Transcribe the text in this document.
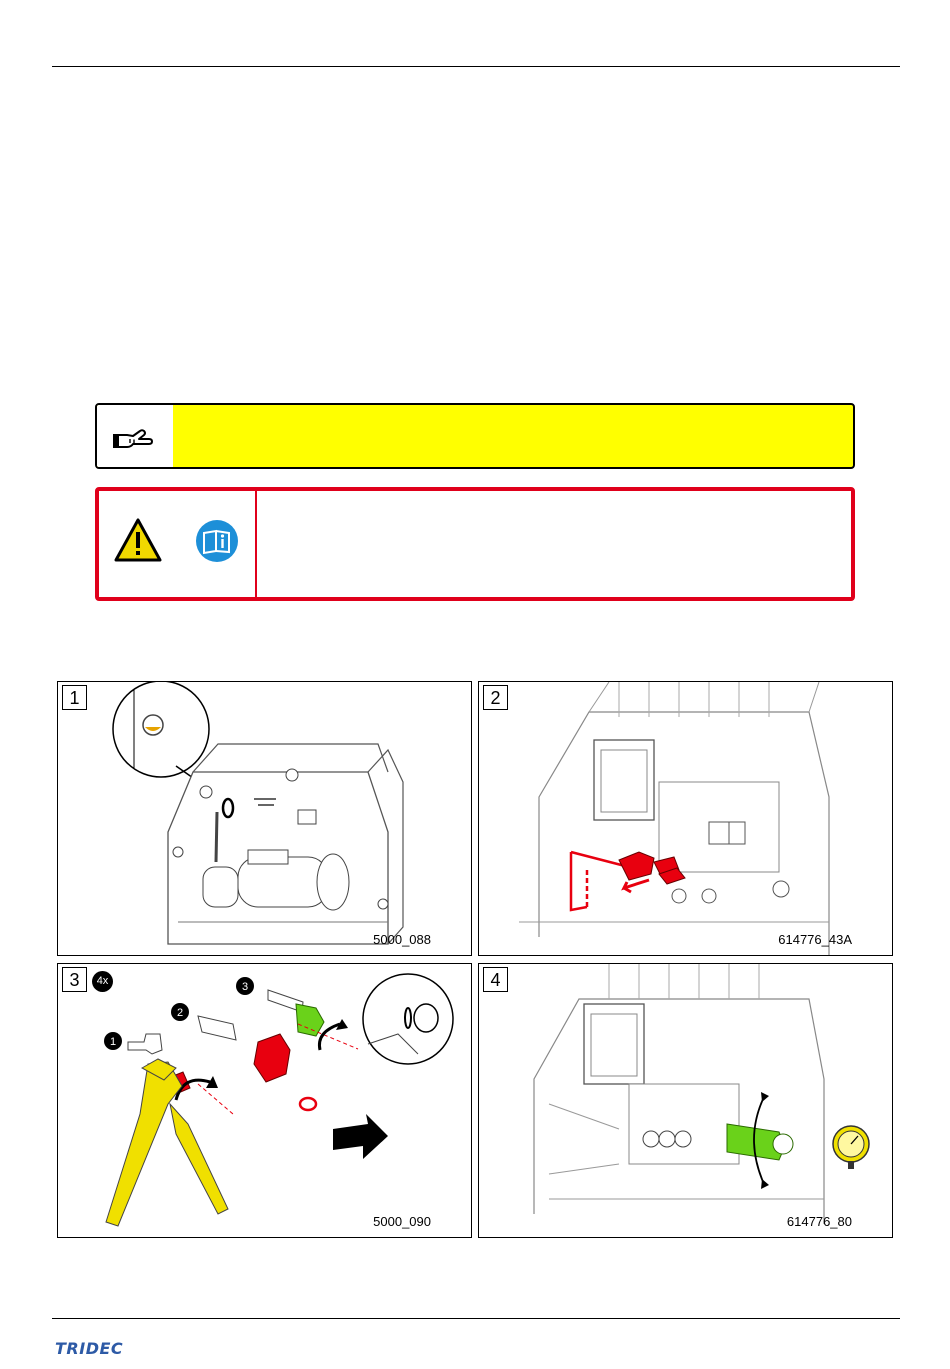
1
5000_088
2
614776_43A
1
2
3
3	4x
5000_090
4
614776_80
TRIDEC
